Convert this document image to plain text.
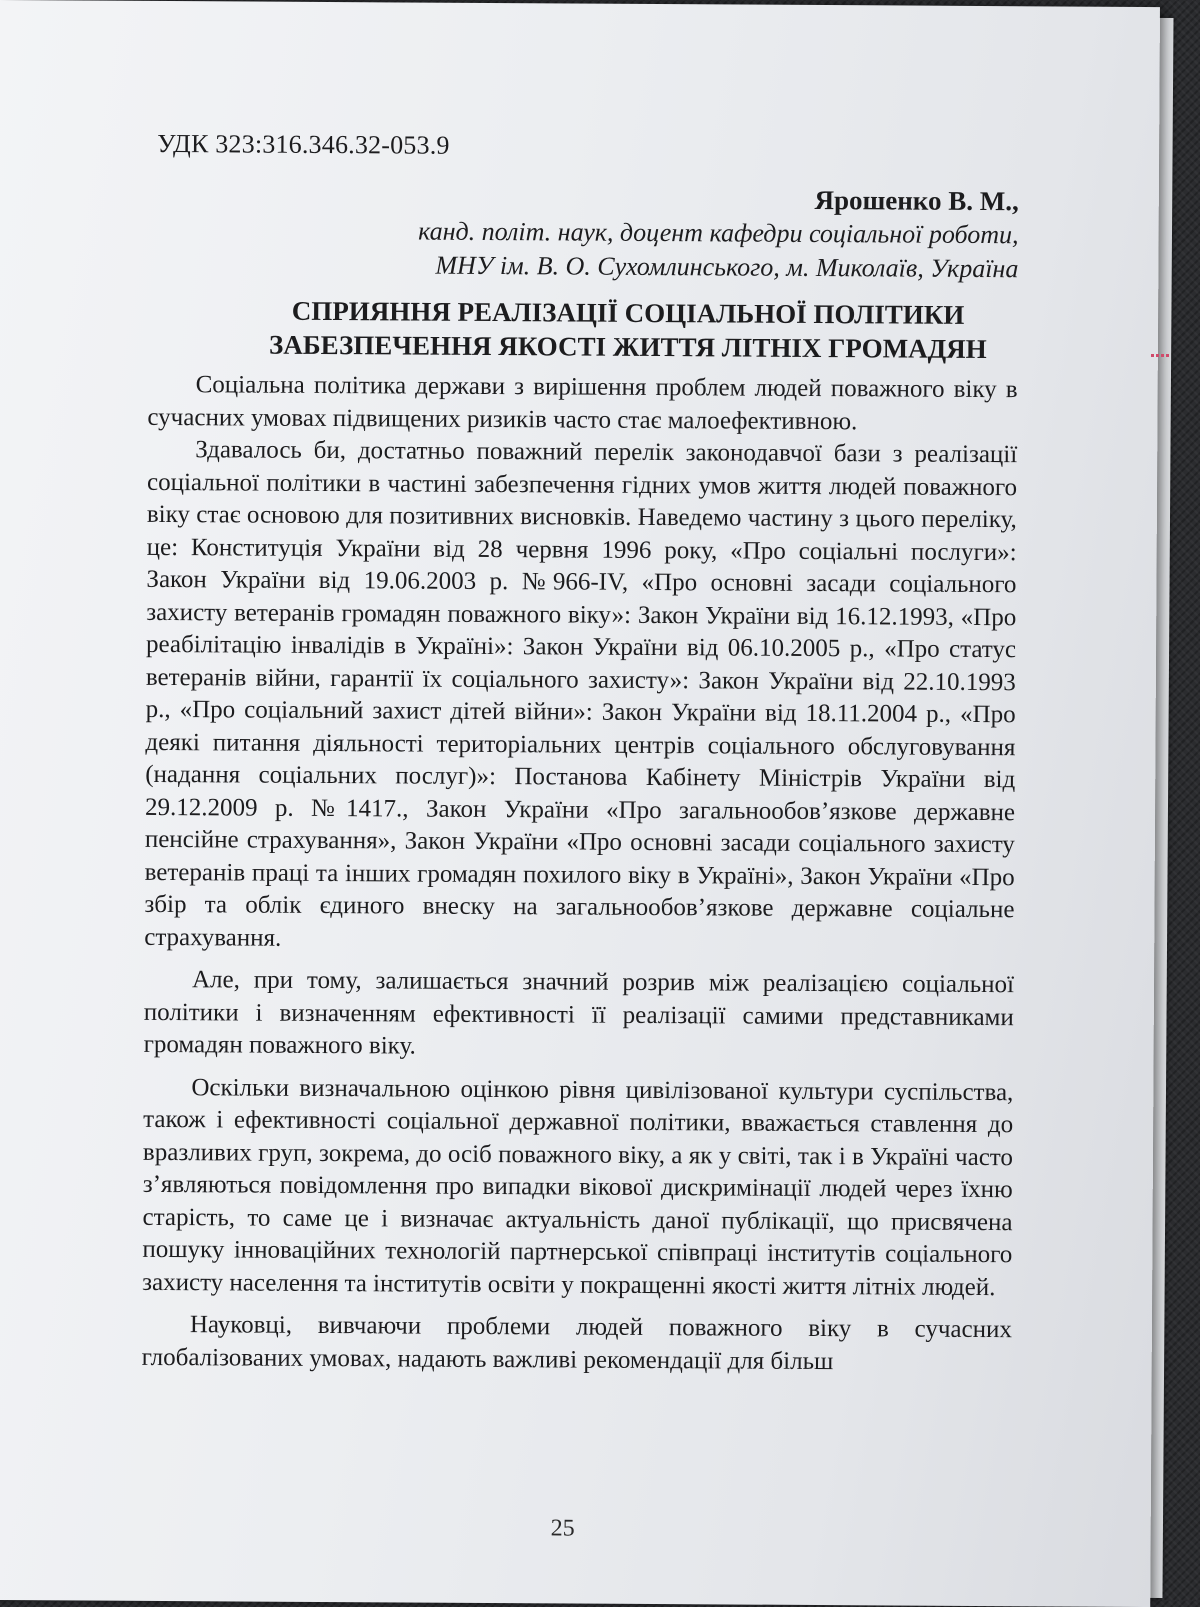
УДК 323:316.346.32-053.9
Ярошенко В. М.,
канд. політ. наук, доцент кафедри соціальної роботи,
МНУ ім. В. О. Сухомлинського, м. Миколаїв, Україна
СПРИЯННЯ РЕАЛІЗАЦІЇ СОЦІАЛЬНОЇ ПОЛІТИКИ
ЗАБЕЗПЕЧЕННЯ ЯКОСТІ ЖИТТЯ ЛІТНІХ ГРОМАДЯН

Соціальна політика держави з вирішення проблем людей поважного віку в сучасних умовах підвищених ризиків часто стає малоефективною.

Здавалось би, достатньо поважний перелік законодавчої бази з реалізації соціальної політики в частині забезпечення гідних умов життя людей поважного віку стає основою для позитивних висновків. Наведемо частину з цього переліку, це: Конституція України від 28 червня 1996 року, «Про соціальні послуги»: Закон України від 19.06.2003 р. №966-IV, «Про основні засади соціального захисту ветеранів громадян поважного віку»: Закон України від 16.12.1993, «Про реабілітацію інвалідів в Україні»: Закон України від 06.10.2005 р., «Про статус ветеранів війни, гарантії їх соціального захисту»: Закон України від 22.10.1993 р., «Про соціальний захист дітей війни»: Закон України від 18.11.2004 р., «Про деякі питання діяльності територіальних центрів соціального обслуговування (надання соціальних послуг)»: Постанова Кабінету Міністрів України від 29.12.2009 р. №1417., Закон України «Про загальнообов’язкове державне пенсійне страхування», Закон України «Про основні засади соціального захисту ветеранів праці та інших громадян похилого віку в Україні», Закон України «Про збір та облік єдиного внеску на загальнообов’язкове державне соціальне страхування.

Але, при тому, залишається значний розрив між реалізацією соціальної політики і визначенням ефективності її реалізації самими представниками громадян поважного віку.

Оскільки визначальною оцінкою рівня цивілізованої культури суспільства, також і ефективності соціальної державної політики, вважається ставлення до вразливих груп, зокрема, до осіб поважного віку, а як у світі, так і в Україні часто з’являються повідомлення про випадки вікової дискримінації людей через їхню старість, то саме це і визначає актуальність даної публікації, що присвячена пошуку інноваційних технологій партнерської співпраці інститутів соціального захисту населення та інститутів освіти у покращенні якості життя літніх людей.

Науковці, вивчаючи проблеми людей поважного віку в сучасних глобалізованих умовах, надають важливі рекомендації для більш

25
